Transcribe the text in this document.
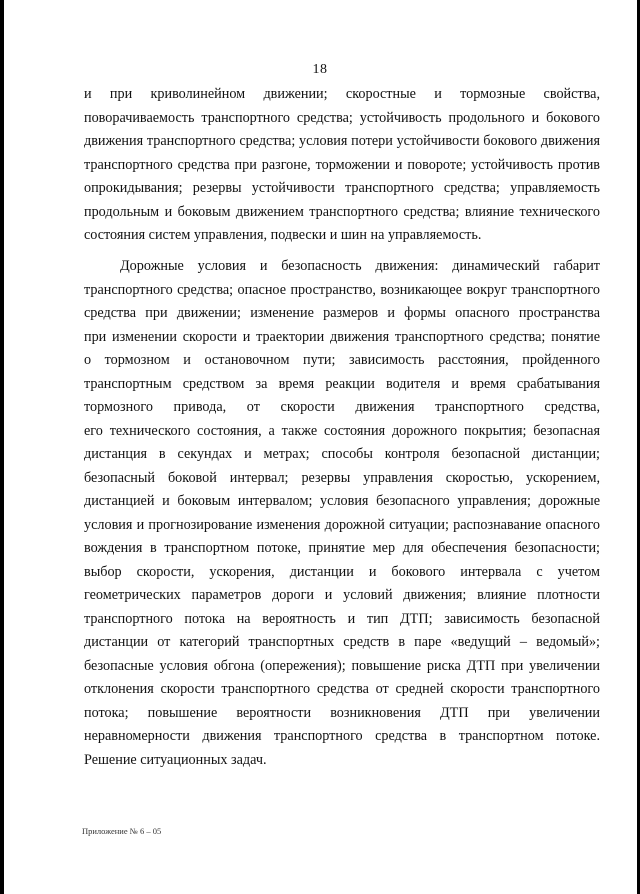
18
и при криволинейном движении; скоростные и тормозные свойства,
поворачиваемость транспортного средства; устойчивость продольного и бокового
движения транспортного средства; условия потери устойчивости бокового движения
транспортного средства при разгоне, торможении и повороте; устойчивость против
опрокидывания; резервы устойчивости транспортного средства; управляемость
продольным и боковым движением транспортного средства; влияние технического
состояния систем управления, подвески и шин на управляемость.
Дорожные условия и безопасность движения: динамический габарит
транспортного средства; опасное пространство, возникающее вокруг транспортного
средства при движении; изменение размеров и формы опасного пространства
при изменении скорости и траектории движения транспортного средства; понятие
о тормозном и остановочном пути; зависимость расстояния, пройденного
транспортным средством за время реакции водителя и время срабатывания
тормозного привода, от скорости движения транспортного средства,
его технического состояния, а также состояния дорожного покрытия; безопасная
дистанция в секундах и метрах; способы контроля безопасной дистанции;
безопасный боковой интервал; резервы управления скоростью, ускорением,
дистанцией и боковым интервалом; условия безопасного управления; дорожные
условия и прогнозирование изменения дорожной ситуации; распознавание опасного
вождения в транспортном потоке, принятие мер для обеспечения безопасности;
выбор скорости, ускорения, дистанции и бокового интервала с учетом
геометрических параметров дороги и условий движения; влияние плотности
транспортного потока на вероятность и тип ДТП; зависимость безопасной
дистанции от категорий транспортных средств в паре «ведущий – ведомый»;
безопасные условия обгона (опережения); повышение риска ДТП при увеличении
отклонения скорости транспортного средства от средней скорости транспортного
потока; повышение вероятности возникновения ДТП при увеличении
неравномерности движения транспортного средства в транспортном потоке.
Решение ситуационных задач.
Приложение № 6 – 05
